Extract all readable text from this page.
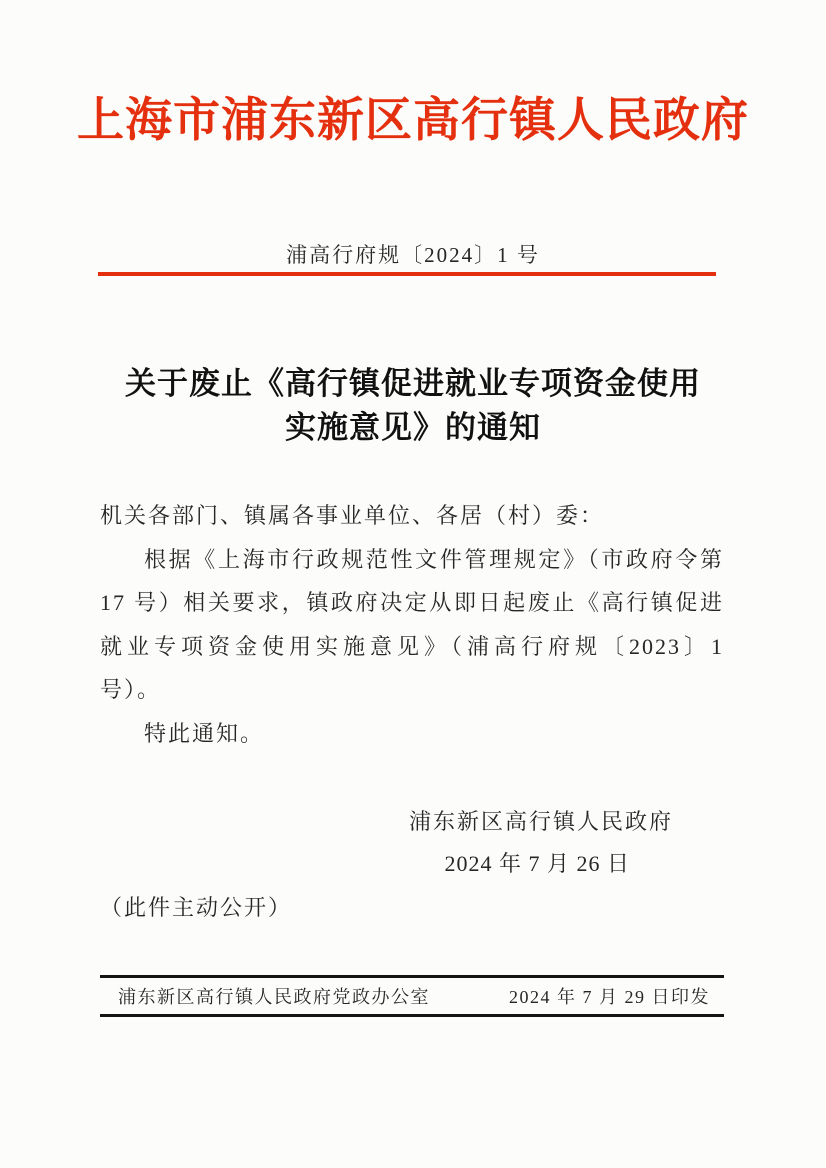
上海市浦东新区高行镇人民政府
浦高行府规〔2024〕1 号
关于废止《高行镇促进就业专项资金使用
实施意见》的通知

机关各部门、镇属各事业单位、各居（村）委：

根据《上海市行政规范性文件管理规定》（市政府令第 17 号）相关要求，镇政府决定从即日起废止《高行镇促进就业专项资金使用实施意见》（浦高行府规〔2023〕1 号）。

特此通知。

浦东新区高行镇人民政府
2024 年 7 月 26 日
（此件主动公开）
浦东新区高行镇人民政府党政办公室	2024 年 7 月 29 日印发
